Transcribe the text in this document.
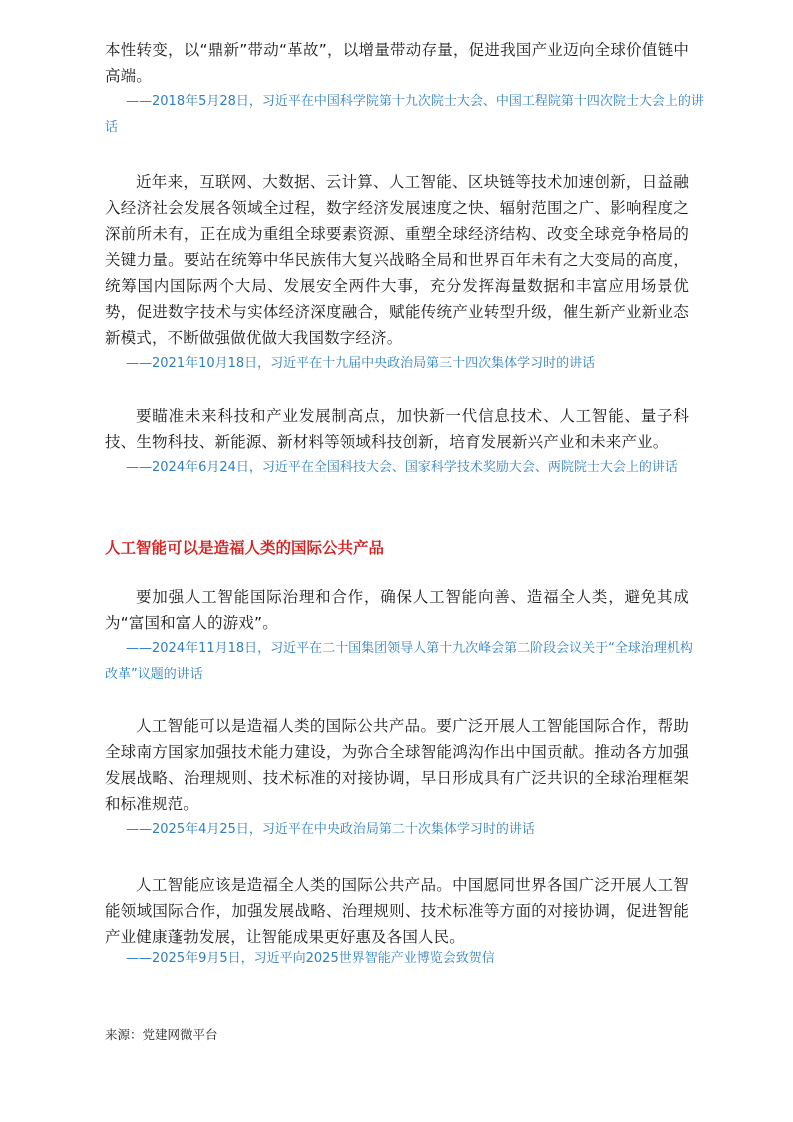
本性转变，以“鼎新”带动“革故”，以增量带动存量，促进我国产业迈向全球价值链中高端。

——2018年5月28日，习近平在中国科学院第十九次院士大会、中国工程院第十四次院士大会上的讲话

近年来，互联网、大数据、云计算、人工智能、区块链等技术加速创新，日益融入经济社会发展各领域全过程，数字经济发展速度之快、辐射范围之广、影响程度之深前所未有，正在成为重组全球要素资源、重塑全球经济结构、改变全球竞争格局的关键力量。要站在统筹中华民族伟大复兴战略全局和世界百年未有之大变局的高度，统筹国内国际两个大局、发展安全两件大事，充分发挥海量数据和丰富应用场景优势，促进数字技术与实体经济深度融合，赋能传统产业转型升级，催生新产业新业态新模式，不断做强做优做大我国数字经济。

——2021年10月18日，习近平在十九届中央政治局第三十四次集体学习时的讲话

要瞄准未来科技和产业发展制高点，加快新一代信息技术、人工智能、量子科技、生物科技、新能源、新材料等领域科技创新，培育发展新兴产业和未来产业。

——2024年6月24日，习近平在全国科技大会、国家科学技术奖励大会、两院院士大会上的讲话

人工智能可以是造福人类的国际公共产品

要加强人工智能国际治理和合作，确保人工智能向善、造福全人类，避免其成为“富国和富人的游戏”。

——2024年11月18日，习近平在二十国集团领导人第十九次峰会第二阶段会议关于“全球治理机构改革”议题的讲话

人工智能可以是造福人类的国际公共产品。要广泛开展人工智能国际合作，帮助全球南方国家加强技术能力建设，为弥合全球智能鸿沟作出中国贡献。推动各方加强发展战略、治理规则、技术标准的对接协调，早日形成具有广泛共识的全球治理框架和标准规范。

——2025年4月25日，习近平在中央政治局第二十次集体学习时的讲话

人工智能应该是造福全人类的国际公共产品。中国愿同世界各国广泛开展人工智能领域国际合作，加强发展战略、治理规则、技术标准等方面的对接协调，促进智能产业健康蓬勃发展，让智能成果更好惠及各国人民。

——2025年9月5日，习近平向2025世界智能产业博览会致贺信

来源：党建网微平台
